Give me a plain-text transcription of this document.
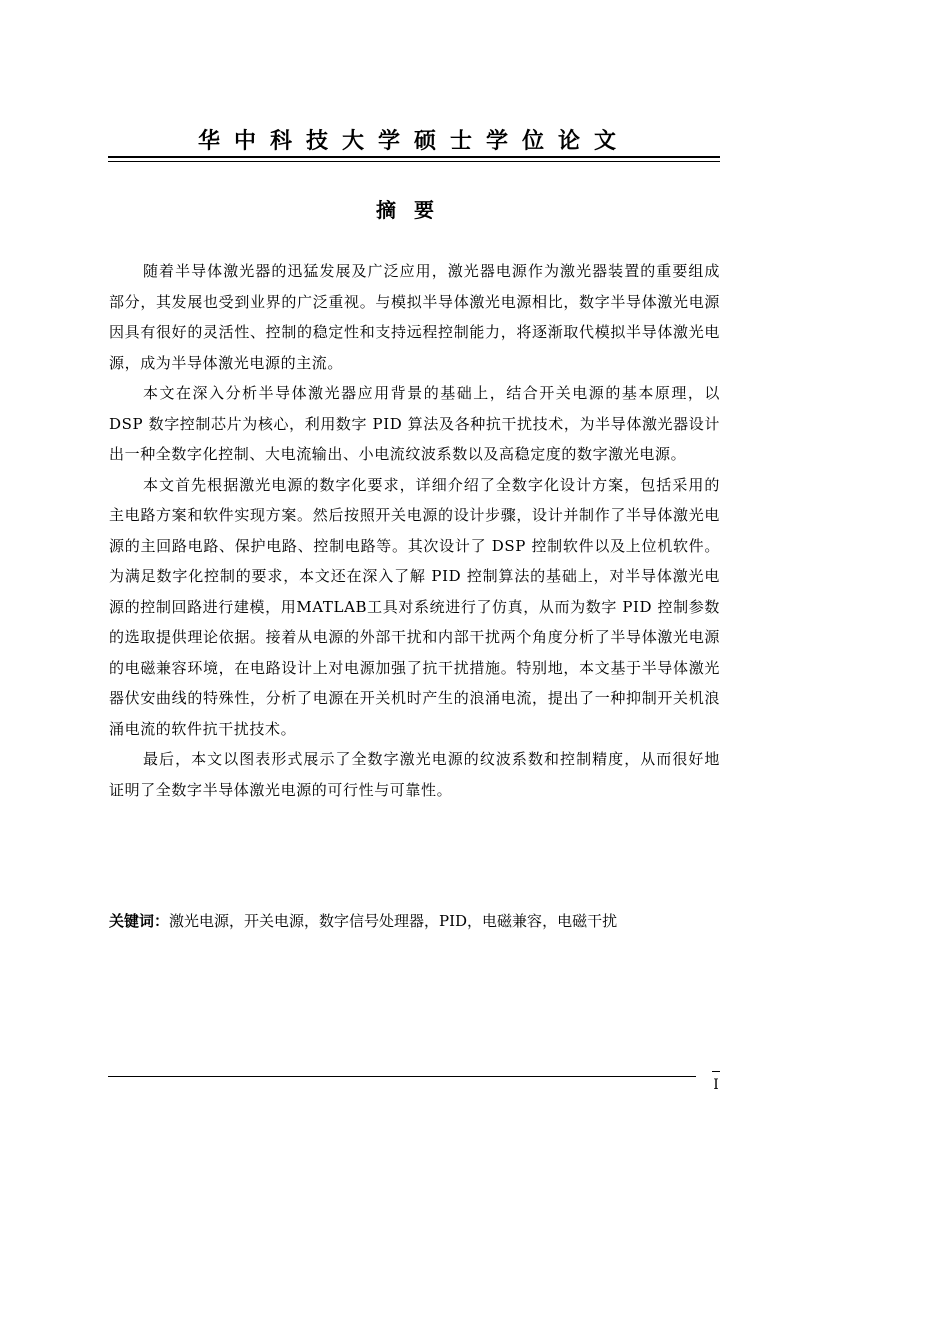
华中科技大学硕士学位论文
摘要

随着半导体激光器的迅猛发展及广泛应用，激光器电源作为激光器装置的重要组成部分，其发展也受到业界的广泛重视。与模拟半导体激光电源相比，数字半导体激光电源因具有很好的灵活性、控制的稳定性和支持远程控制能力，将逐渐取代模拟半导体激光电源，成为半导体激光电源的主流。

本文在深入分析半导体激光器应用背景的基础上，结合开关电源的基本原理，以 DSP 数字控制芯片为核心，利用数字 PID 算法及各种抗干扰技术，为半导体激光器设计出一种全数字化控制、大电流输出、小电流纹波系数以及高稳定度的数字激光电源。

本文首先根据激光电源的数字化要求，详细介绍了全数字化设计方案，包括采用的主电路方案和软件实现方案。然后按照开关电源的设计步骤，设计并制作了半导体激光电源的主回路电路、保护电路、控制电路等。其次设计了 DSP 控制软件以及上位机软件。为满足数字化控制的要求，本文还在深入了解 PID 控制算法的基础上，对半导体激光电源的控制回路进行建模，用MATLAB工具对系统进行了仿真，从而为数字 PID 控制参数的选取提供理论依据。接着从电源的外部干扰和内部干扰两个角度分析了半导体激光电源的电磁兼容环境，在电路设计上对电源加强了抗干扰措施。特别地，本文基于半导体激光器伏安曲线的特殊性，分析了电源在开关机时产生的浪涌电流，提出了一种抑制开关机浪涌电流的软件抗干扰技术。

最后，本文以图表形式展示了全数字激光电源的纹波系数和控制精度，从而很好地证明了全数字半导体激光电源的可行性与可靠性。

关键词：激光电源，开关电源，数字信号处理器，PID，电磁兼容，电磁干扰
I
